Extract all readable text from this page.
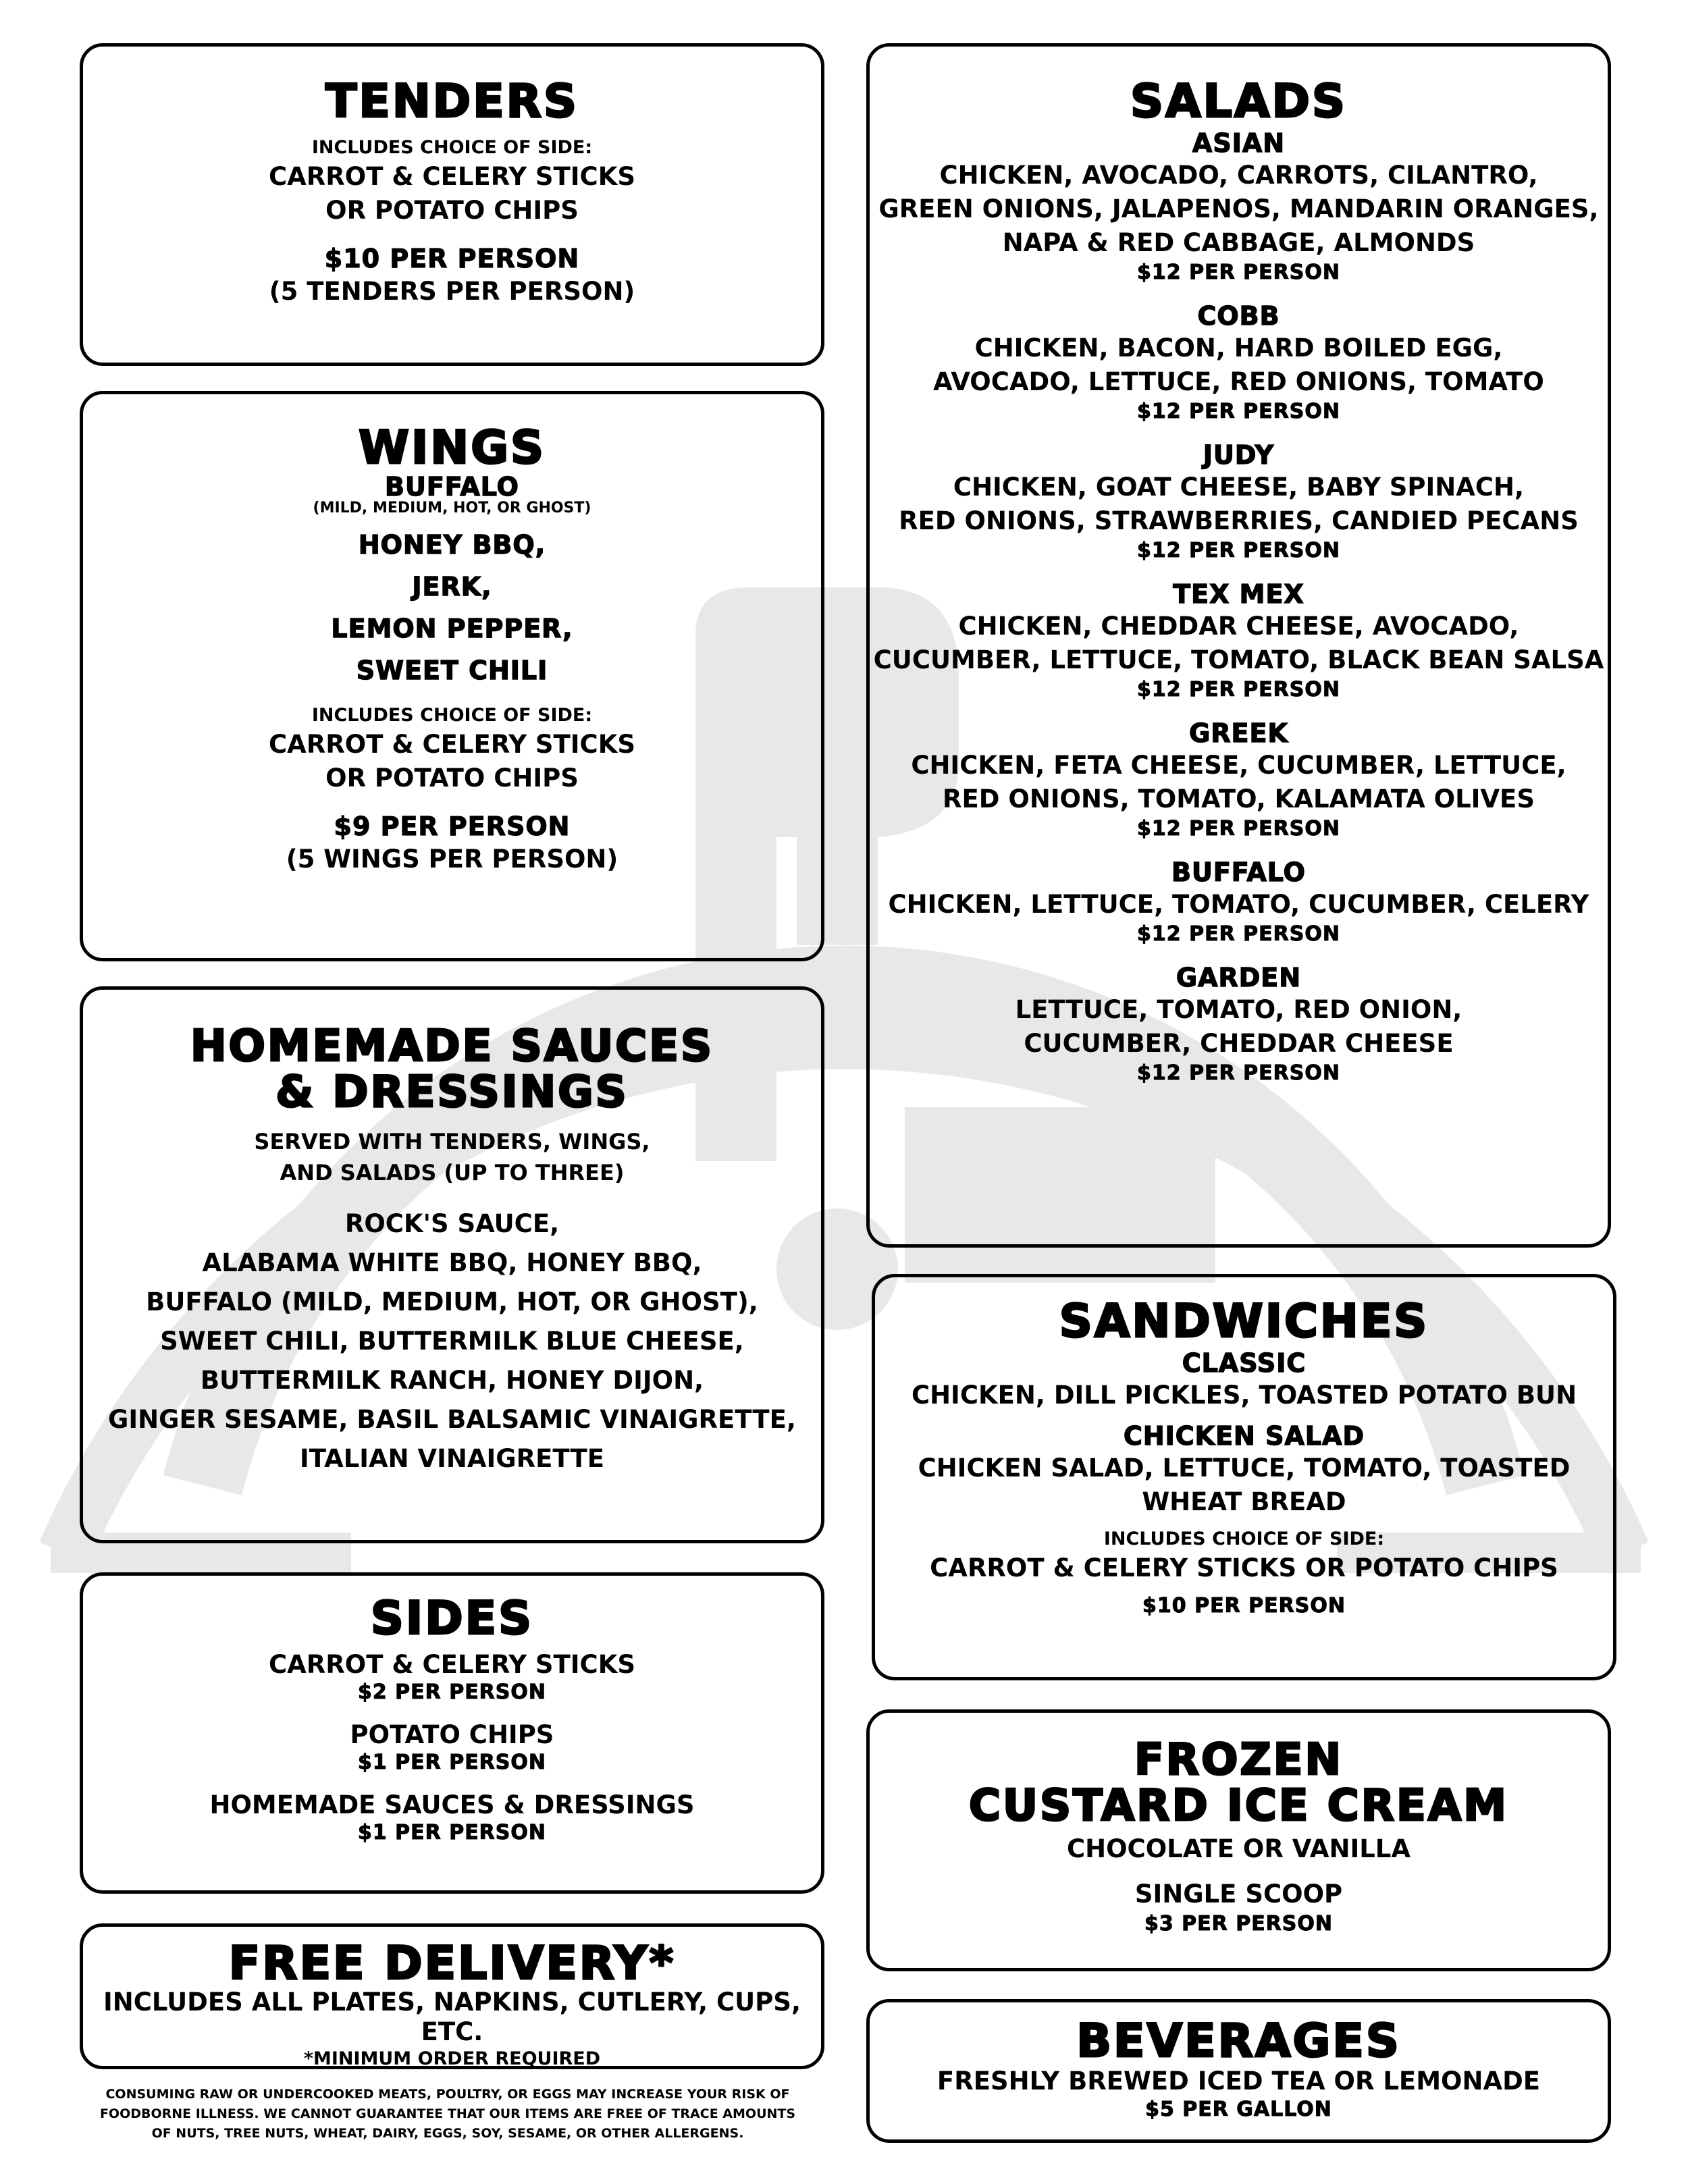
TENDERS
INCLUDES CHOICE OF SIDE:
CARROT & CELERY STICKS
OR POTATO CHIPS
$10 PER PERSON
(5 TENDERS PER PERSON)
WINGS
BUFFALO
(MILD, MEDIUM, HOT, OR GHOST)
HONEY BBQ,
JERK,
LEMON PEPPER,
SWEET CHILI
INCLUDES CHOICE OF SIDE:
CARROT & CELERY STICKS
OR POTATO CHIPS
$9 PER PERSON
(5 WINGS PER PERSON)
HOMEMADE SAUCES
& DRESSINGS
SERVED WITH TENDERS, WINGS,
AND SALADS (UP TO THREE)
ROCK'S SAUCE,
ALABAMA WHITE BBQ, HONEY BBQ,
BUFFALO (MILD, MEDIUM, HOT, OR GHOST),
SWEET CHILI, BUTTERMILK BLUE CHEESE,
BUTTERMILK RANCH, HONEY DIJON,
GINGER SESAME, BASIL BALSAMIC VINAIGRETTE,
ITALIAN VINAIGRETTE
SIDES
CARROT & CELERY STICKS
$2 PER PERSON
POTATO CHIPS
$1 PER PERSON
HOMEMADE SAUCES & DRESSINGS
$1 PER PERSON
FREE DELIVERY*
INCLUDES ALL PLATES, NAPKINS, CUTLERY, CUPS, ETC.
*MINIMUM ORDER REQUIRED
CONSUMING RAW OR UNDERCOOKED MEATS, POULTRY, OR EGGS MAY INCREASE YOUR RISK OF
FOODBORNE ILLNESS. WE CANNOT GUARANTEE THAT OUR ITEMS ARE FREE OF TRACE AMOUNTS
OF NUTS, TREE NUTS, WHEAT, DAIRY, EGGS, SOY, SESAME, OR OTHER ALLERGENS.
SALADS
ASIAN
CHICKEN, AVOCADO, CARROTS, CILANTRO,
GREEN ONIONS, JALAPENOS, MANDARIN ORANGES,
NAPA & RED CABBAGE, ALMONDS
$12 PER PERSON
COBB
CHICKEN, BACON, HARD BOILED EGG,
AVOCADO, LETTUCE, RED ONIONS, TOMATO
$12 PER PERSON
JUDY
CHICKEN, GOAT CHEESE, BABY SPINACH,
RED ONIONS, STRAWBERRIES, CANDIED PECANS
$12 PER PERSON
TEX MEX
CHICKEN, CHEDDAR CHEESE, AVOCADO,
CUCUMBER, LETTUCE, TOMATO, BLACK BEAN SALSA
$12 PER PERSON
GREEK
CHICKEN, FETA CHEESE, CUCUMBER, LETTUCE,
RED ONIONS, TOMATO, KALAMATA OLIVES
$12 PER PERSON
BUFFALO
CHICKEN, LETTUCE, TOMATO, CUCUMBER, CELERY
$12 PER PERSON
GARDEN
LETTUCE, TOMATO, RED ONION,
CUCUMBER, CHEDDAR CHEESE
$12 PER PERSON
SANDWICHES
CLASSIC
CHICKEN, DILL PICKLES, TOASTED POTATO BUN
CHICKEN SALAD
CHICKEN SALAD, LETTUCE, TOMATO, TOASTED
WHEAT BREAD
INCLUDES CHOICE OF SIDE:
CARROT & CELERY STICKS OR POTATO CHIPS
$10 PER PERSON
FROZEN
CUSTARD ICE CREAM
CHOCOLATE OR VANILLA
SINGLE SCOOP
$3 PER PERSON
BEVERAGES
FRESHLY BREWED ICED TEA OR LEMONADE
$5 PER GALLON
